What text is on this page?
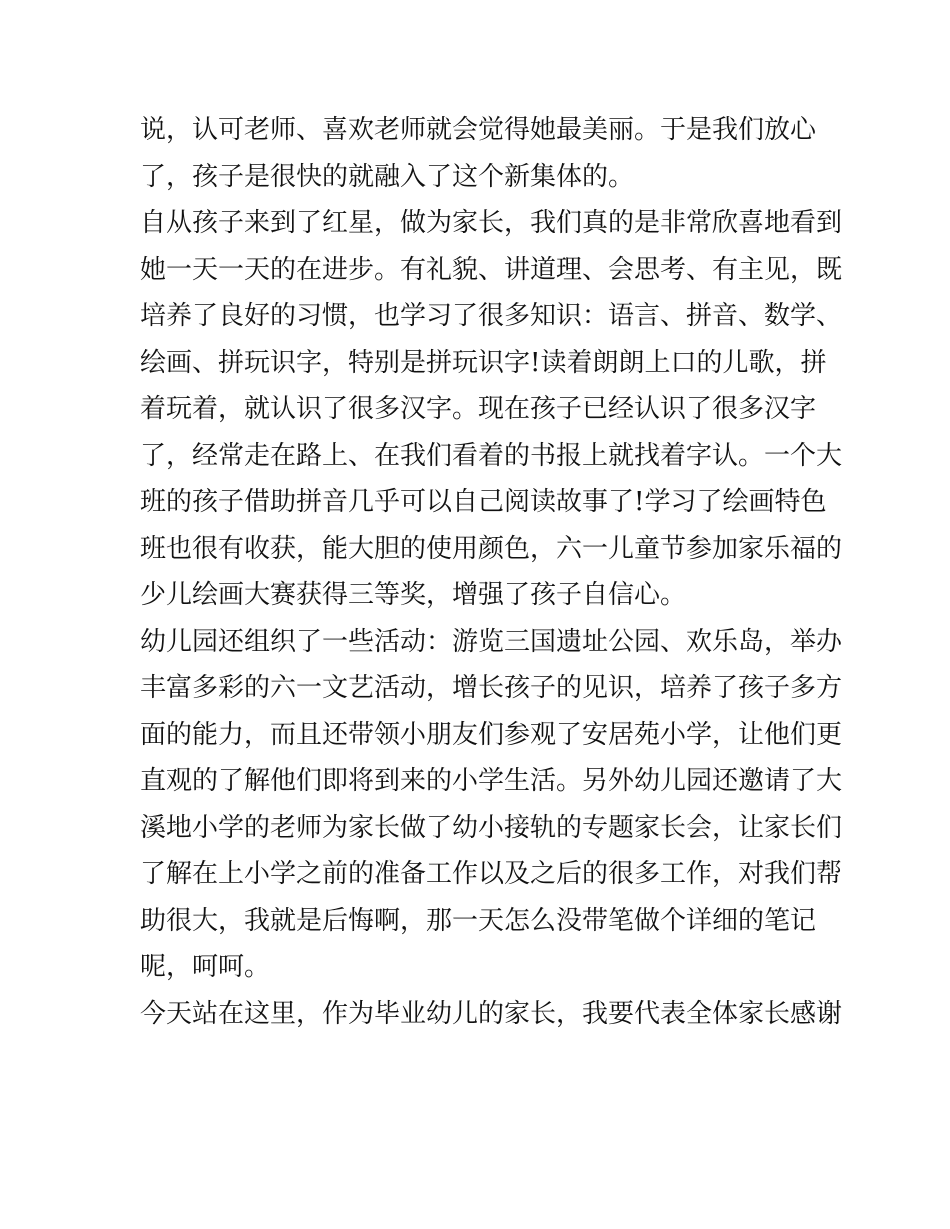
说，认可老师、喜欢老师就会觉得她最美丽。于是我们放心
了，孩子是很快的就融入了这个新集体的。
自从孩子来到了红星，做为家长，我们真的是非常欣喜地看到
她一天一天的在进步。有礼貌、讲道理、会思考、有主见，既
培养了良好的习惯，也学习了很多知识：语言、拼音、数学、
绘画、拼玩识字，特别是拼玩识字!读着朗朗上口的儿歌，拼
着玩着，就认识了很多汉字。现在孩子已经认识了很多汉字
了，经常走在路上、在我们看着的书报上就找着字认。一个大
班的孩子借助拼音几乎可以自己阅读故事了!学习了绘画特色
班也很有收获，能大胆的使用颜色，六一儿童节参加家乐福的
少儿绘画大赛获得三等奖，增强了孩子自信心。
幼儿园还组织了一些活动：游览三国遗址公园、欢乐岛，举办
丰富多彩的六一文艺活动，增长孩子的见识，培养了孩子多方
面的能力，而且还带领小朋友们参观了安居苑小学，让他们更
直观的了解他们即将到来的小学生活。另外幼儿园还邀请了大
溪地小学的老师为家长做了幼小接轨的专题家长会，让家长们
了解在上小学之前的准备工作以及之后的很多工作，对我们帮
助很大，我就是后悔啊，那一天怎么没带笔做个详细的笔记
呢，呵呵。
今天站在这里，作为毕业幼儿的家长，我要代表全体家长感谢
